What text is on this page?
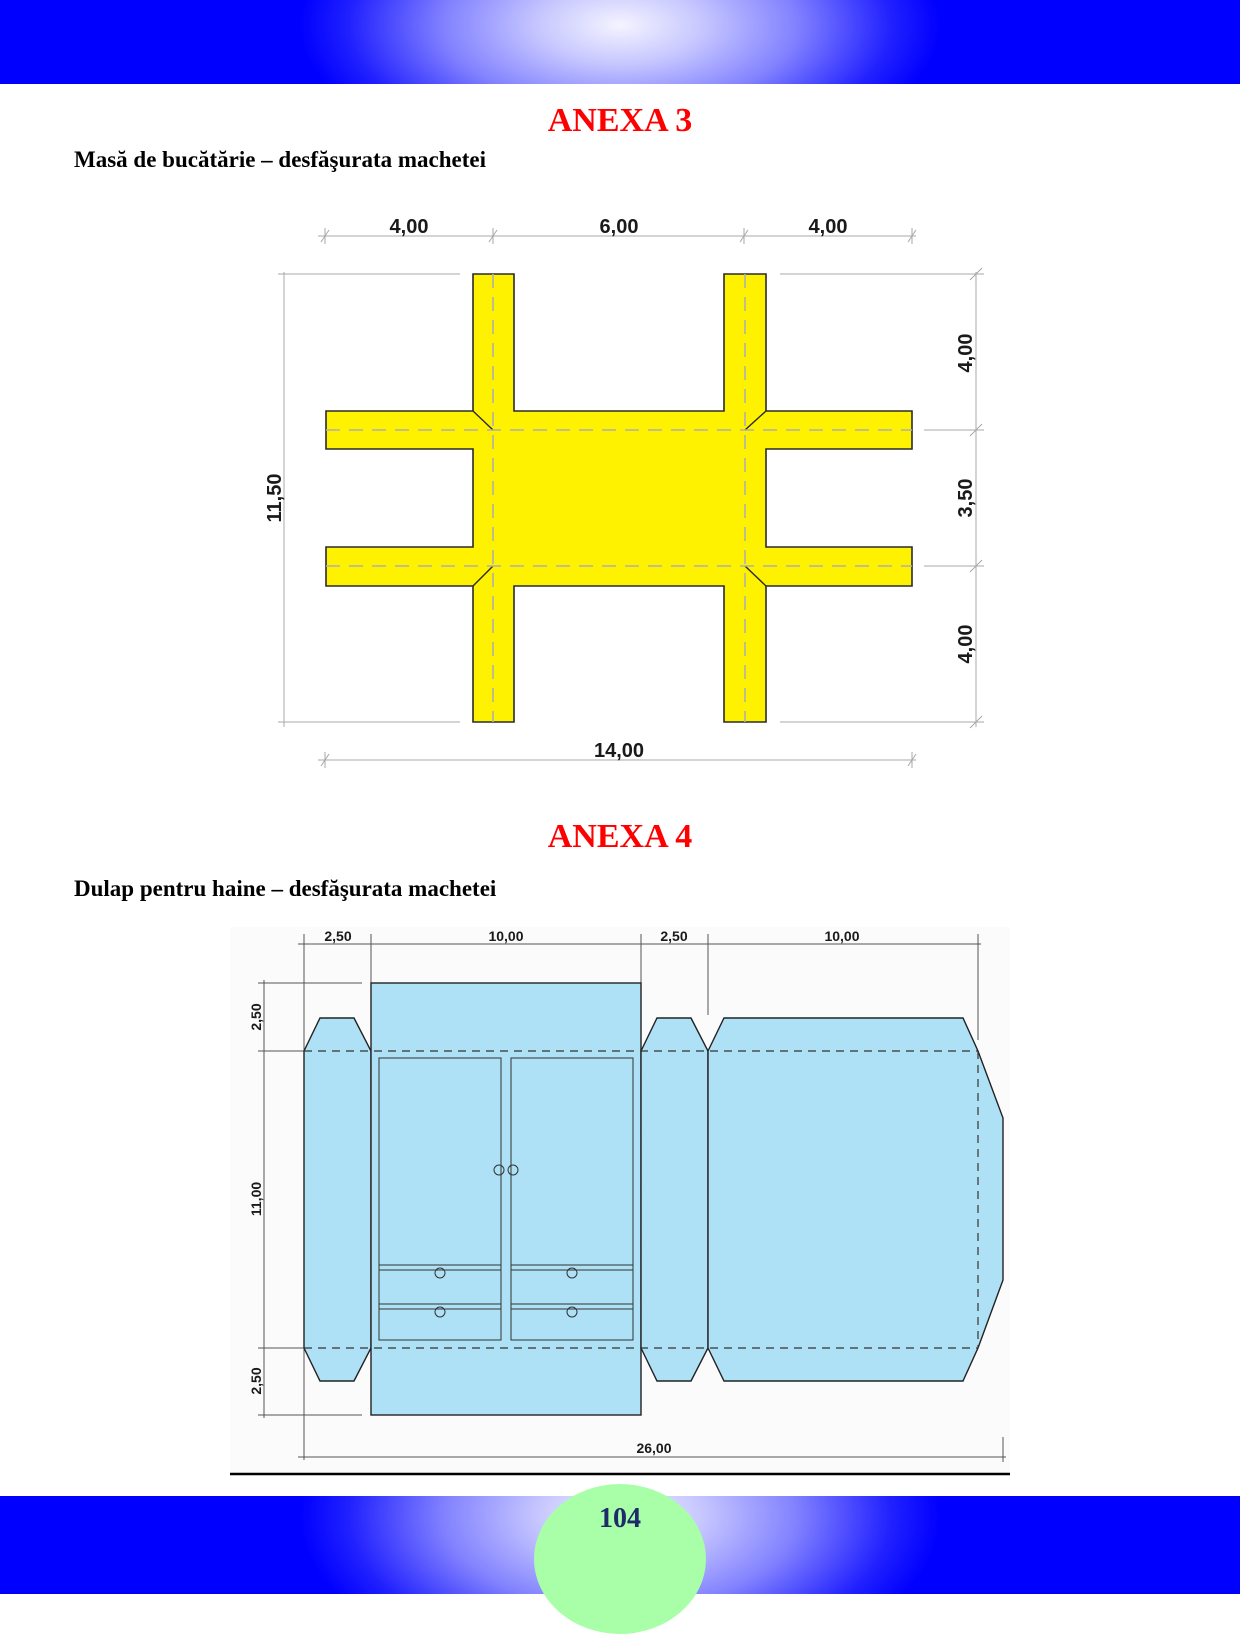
ANEXA 3
Masă de bucătărie – desfăşurata machetei
4,00	6,00	4,00
14,00
11,50
4,00
3,50
4,00
ANEXA 4
Dulap pentru haine – desfăşurata machetei
2,50	10,00	2,50	10,00
26,00
2,50
11,00
2,50
104
